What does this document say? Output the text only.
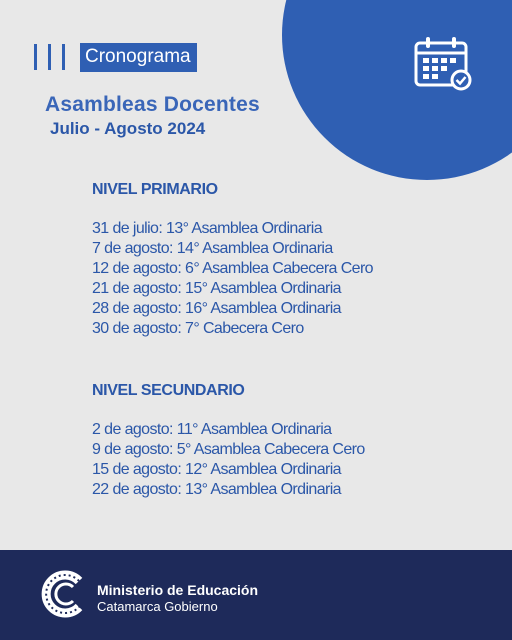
Cronograma
Asambleas Docentes
Julio - Agosto 2024
NIVEL PRIMARIO
31 de julio: 13° Asamblea Ordinaria
7 de agosto: 14° Asamblea Ordinaria
12 de agosto: 6° Asamblea Cabecera Cero
21 de agosto: 15° Asamblea Ordinaria
28 de agosto: 16° Asamblea Ordinaria
30 de agosto: 7° Cabecera Cero
NIVEL SECUNDARIO
2 de agosto: 11° Asamblea Ordinaria
9 de agosto: 5° Asamblea Cabecera Cero
15 de agosto: 12° Asamblea Ordinaria
22 de agosto: 13° Asamblea Ordinaria
Ministerio de Educación
Catamarca Gobierno
